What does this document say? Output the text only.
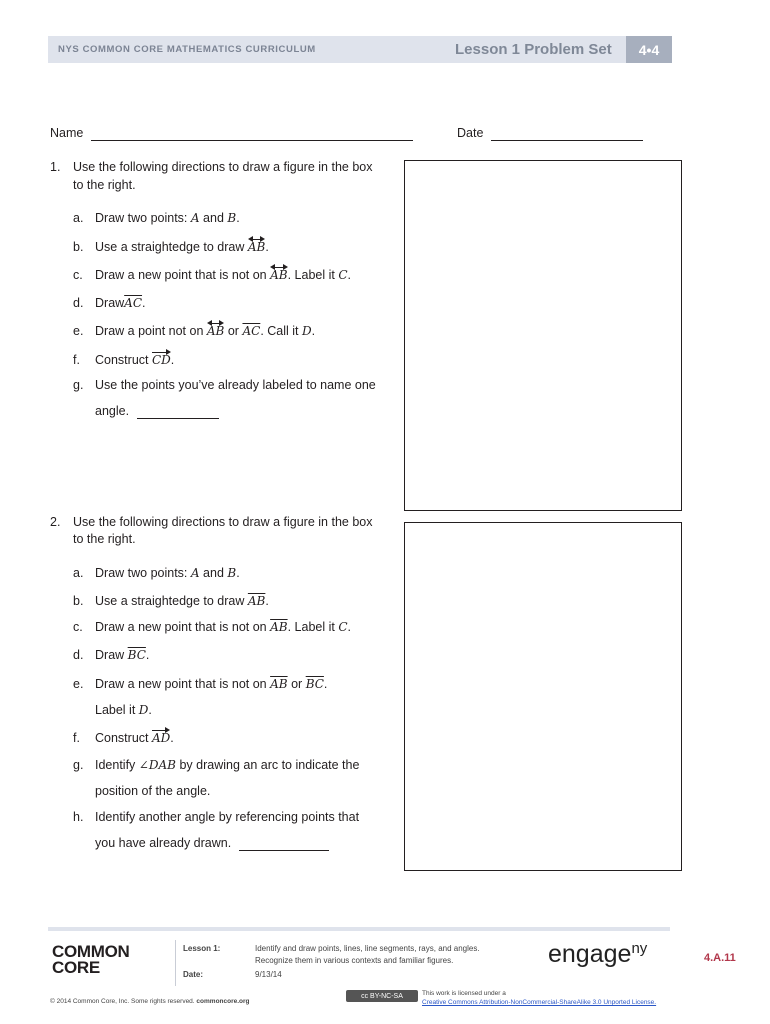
NYS COMMON CORE MATHEMATICS CURRICULUM	Lesson 1 Problem Set	4•4
Name	Date
1. Use the following directions to draw a figure in the box
to the right.
a. Draw two points: A and B.
b. Use a straightedge to draw AB
.
c. Draw a new point that is not on AB
. Label it C.
d. $Draw\overline{AC}$.
e. Draw a point not on AB or $\overline{AC}$. Call it D.
f. Construct CD.
g. Use the points you’ve already labeled to name one
angle.
2. Use the following directions to draw a figure in the box
to the right.
a. Draw two points: A and B.
b. Use a straightedge to draw $\overline{AB}$.
c. Draw a new point that is not on $\overline{AB}$. Label it C.
d. Draw $\overline{BC}$.
e. Draw a new point that is not on $\overline{AB}$ or $\overline{BC}$.
Label it D.
f. Construct AD.
g. Identify ∠DAB by drawing an arc to indicate the
position of the angle.
h. Identify another angle by referencing points that
you have already drawn.
COMMON
CORE
Lesson 1:
Date:
Identify and draw points, lines, line segments, rays, and angles.
Recognize them in various contexts and familiar figures.
9/13/14
engage$^{ny}$
4.A.11
© 2014 Common Core, Inc. Some rights reserved. commoncore.org
cc BY-NC-SA	This work is licensed under a
Creative Commons Attribution-NonCommercial-ShareAlike 3.0 Unported License.
